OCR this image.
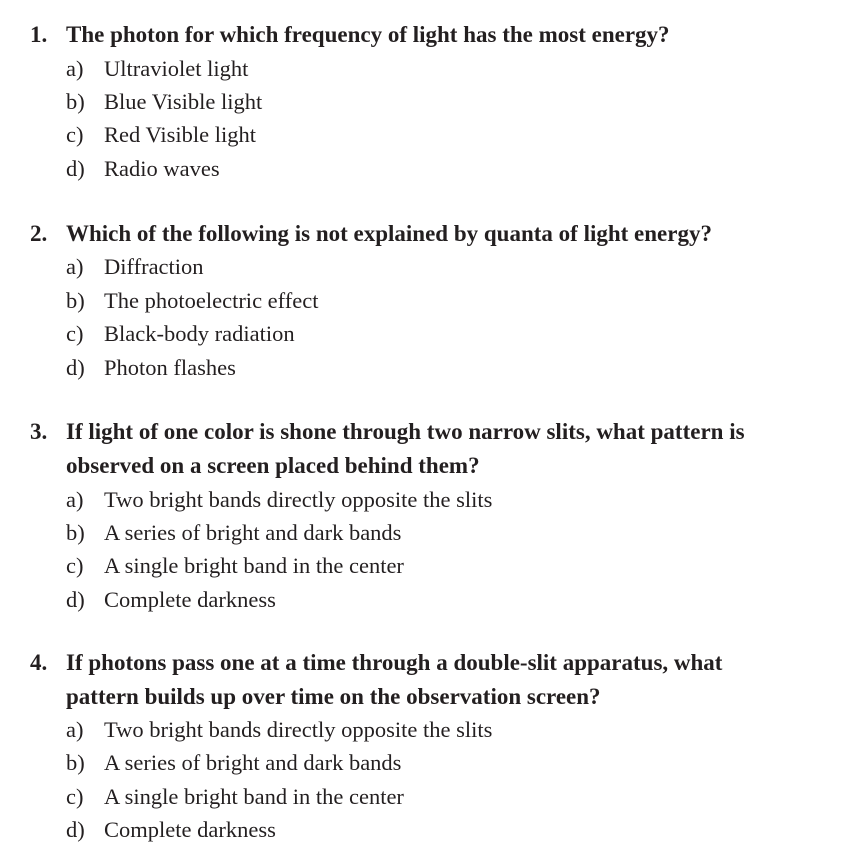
1. The photon for which frequency of light has the most energy?
a) Ultraviolet light
b) Blue Visible light
c) Red Visible light
d) Radio waves
2. Which of the following is not explained by quanta of light energy?
a) Diffraction
b) The photoelectric effect
c) Black-body radiation
d) Photon flashes
3. If light of one color is shone through two narrow slits, what pattern is
observed on a screen placed behind them?
a) Two bright bands directly opposite the slits
b) A series of bright and dark bands
c) A single bright band in the center
d) Complete darkness
4. If photons pass one at a time through a double-slit apparatus, what
pattern builds up over time on the observation screen?
a) Two bright bands directly opposite the slits
b) A series of bright and dark bands
c) A single bright band in the center
d) Complete darkness
